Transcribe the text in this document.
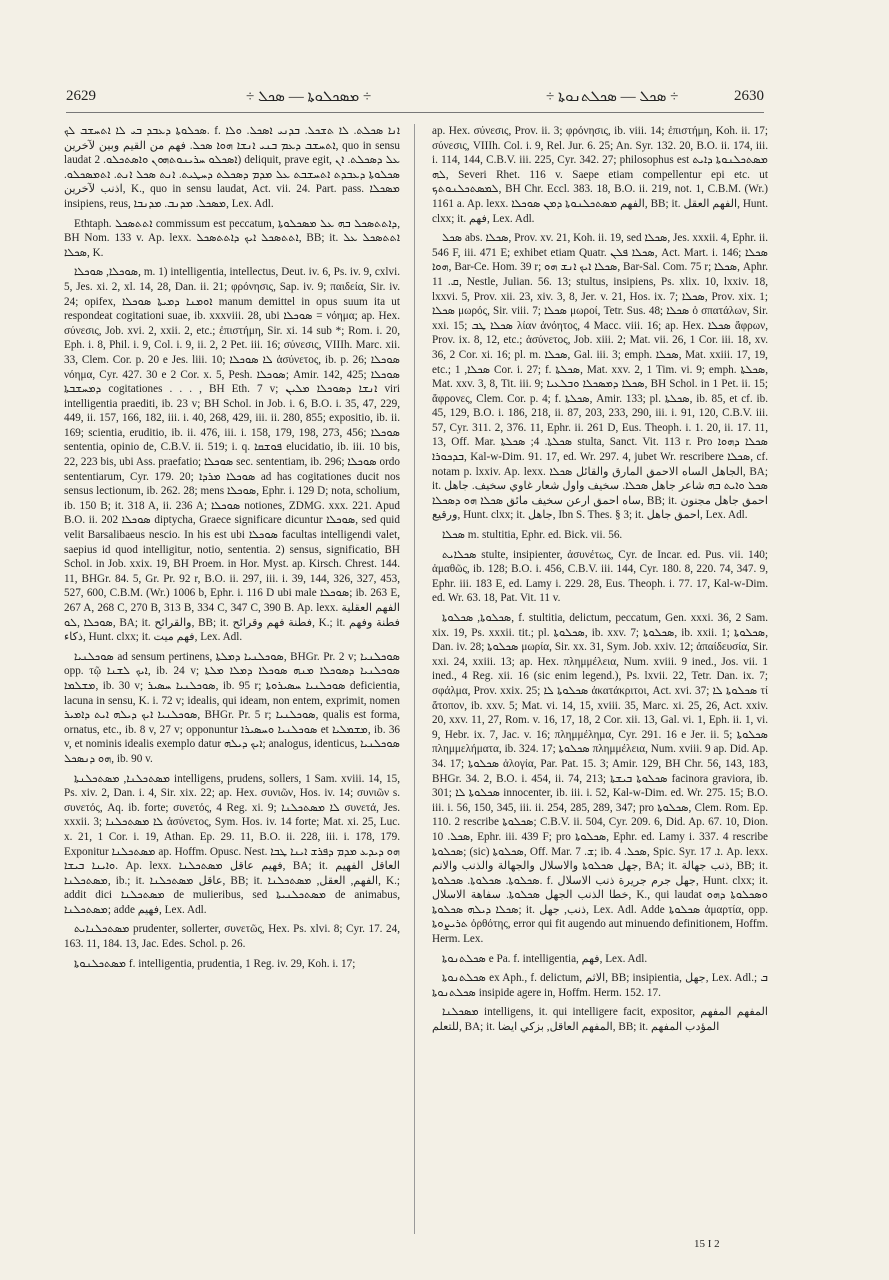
2629	÷ ܡܣܟܠܘܬܐ — ܣܟܠ ÷	÷ ܣܟܠ — ܣܟܠܬܢܘܬܐ ÷	2630

ܣܟܠܘܬܐ ܕܥܒܕ ܒܝ ܠܐ ܐܬܚܫܒ ܠܟ. f. ܐܢܐ ܣܟܠܬ. ܠܐ ܬܫܟܠ. ܒܕܢܝ ܐܣܟܠ. ܘܠܐ ܐܬܚܫܒ ܕܥܡ ܒܢܝ ܐܢܫܐ ܗܘܐ ܣܟܠ. فهم من القيم وبين لآخرين, quo in sensu laudat ܐܣܟܠܘ ܚܪܝܢܘܬܗܘܢ ܘܐܣܬܟܠܘ. 2) deliquit, prave egit, ܥܠ ܕܣܟܠܬ. ܐܢ ܣܟܠܘܬܐ ܕܥܒܕܬ ܐܬܚܫܒܬ ܥܠ ܡܕܡ ܕܣܟܠܬ ܕܚܛܝܬ. ܐܢܬ ܣܟܠ ܐܢܬ. ܐܬܡܣܟܠܘ. اذنب لآخرين, K., quo in sensu laudat, Act. vii. 24. Part. pass. ܡܣܟܠܐ insipiens, reus, ܡܣܟܠ. ܡܕܢܒ. ܡܕܢܒܐ, Lex. Adl.

Ethtaph. ܐܬܬܣܟܠ commissum est peccatum, ܕܐܬܬܣܟܠ ܒܗ ܥܠ ܡܣܟܠܘܬܐ, BH Nom. 133 v. Ap. lexx. ܐܬܬܣܟܠ ܐܝܟ ܕܐܬܬܣܟܠ, BB; it. ܐܬܬܣܟܠ ܥܠ ܣܟܠܐ, K.

ܣܘܟܠܐ, ܣܘܟܠܐ, m. 1) intelligentia, intellectus, Deut. iv. 6, Ps. iv. 9, cxlvi. 5, Jes. xi. 2, xl. 14, 28, Dan. ii. 21; φρόνησις, Sap. iv. 9; παιδεία, Sir. iv. 24; opifex, ܐܘܡܢܐ ܕܡܝܬܐ ܣܘܟܠܐ manum demittel in opus suum ita ut respondeat cogitationi suae, ib. xxxviii. 28, ubi ܣܘܟܠܐ = νόημα; ap. Hex. σύνεσις, Job. xvi. 2, xxii. 2, etc.; ἐπιστήμη, Sir. xi. 14 sub *; Rom. i. 20, Eph. i. 8, Phil. i. 9, Col. i. 9, ii. 2, 2 Pet. iii. 16; σύνεσις, VIIIh. Marc. xii. 33, Clem. Cor. p. 20 e Jes. liii. 10; ܠܐ ܣܘܟܠܐ ἀσύνετος, ib. p. 26; ܣܘܟܠܐ νόημα, Cyr. 427. 30 e 2 Cor. x. 5, Pesh. ܣܘܟܠܐ; Amir. 142, 425; ܣܘܟܠܐ ܕܡܚܫܒܬܐ cogitationes . . . , BH Eth. 7 v; ܐܢܫܐ ܕܣܘܟܠܐ ܡܠܝܢ viri intelligentia praediti, ib. 23 v; BH Schol. in Job. i. 6, B.O. i. 35, 47, 229, 449, ii. 157, 166, 182, iii. i. 40, 268, 429, iii. ii. 280, 855; expositio, ib. ii. 169; scientia, eruditio, ib. ii. 476, iii. i. 158, 179, 198, 273, 456; ܣܘܟܠܐ sententia, opinio de, C.B.V. ii. 519; i. q. ܦܘܫܩܐ elucidatio, ib. iii. 10 bis, 22, 223 bis, ubi Ass. praefatio; ܣܘܟܠܐ sec. sententiam, ib. 296; ܣܘܟܠܐ ordo sententiarum, Cyr. 179. 20; ܣܘܟܠܐ ܡܪܕܐ ad has cogitationes ducit nos sensus lectionum, ib. 262. 28; mens ܣܘܟܠܐ, Ephr. i. 129 D; nota, scholium, ib. 150 B; it. 318 A, ii. 236 A; ܣܘܟܠܐ notiones, ZDMG. xxx. 221. Apud B.O. ii. 202 ܣܘܟܠܐ diptycha, Graece significare dicuntur ܣܘܟܠܐ, sed quid velit Barsalibaeus nescio. In his est ubi ܣܘܟܠܐ facultas intelligendi valet, saepius id quod intelligitur, notio, sententia. 2) sensus, significatio, BH Schol. in Job. xxix. 19, BH Proem. in Hor. Myst. ap. Kirsch. Chrest. 144. 11, BHGr. 84. 5, Gr. Pr. 92 r, B.O. ii. 297, iii. i. 39, 144, 326, 327, 453, 527, 600, C.B.M. (Wr.) 1006 b, Ephr. i. 116 D ubi male ܣܘܟܠܐ; ib. 263 E, 267 A, 268 C, 270 B, 313 B, 334 C, 347 C, 390 B. Ap. lexx. الفهم العقلية ܣܘܟܠܐ ,ܠܘ, BA; it. والقرائح, BB; it. فطنة فهم وقرائح, K.; it. فطنة وفهم ذكاء, Hunt. clxx; it. فهم ميت, Lex. Adl.

ܣܘܟܠܢܝܐ ad sensum pertinens, ܣܘܟܠܢܝܐ ܕܡܠܬܐ, BHGr. Pr. 2 v; ܣܘܟܠܢܝܐ opp. τῷ ܐܝܟ ܠܫܢܐ, ib. 24 v; ܣܘܟܠܢܝܐ ܕܣܘܟܠܐ ܡܢܗ ܣܘܟܠܐ ܕܡܠܐ ܡܠܬܐ ܡܫܠܡܐ, ib. 30 v; ܣܘܟܠܢܝܐ ܚܣܝܪ, ib. 95 r; ܣܘܟܠܢܝܐ ܚܣܝܪܘܬܐ deficientia, lacuna in sensu, K. i. 72 v; idealis, qui ideam, non entem, exprimit, nomen ܣܘܟܠܢܝܐ ܐܝܟ ܕܝܠܗ ܐܝܬ ܕܐܡܝܪ, BHGr. Pr. 5 r; ܣܘܟܠܢܝܐ, qualis est forma, ornatus, etc., ib. 8 v, 27 v; opponuntur ܣܘܟܠܢܝܐ ܘܚܣܝܪܐ et ܡܫܡܠܝܐ, ib. 36 v, et nominis idealis exemplo datur ܐܝܟ ܕܝܠܗ; analogus, identicus, ܣܘܟܠܢܝܐ ܗܘ ܕܢܣܟܠ, ib. 90 v.

ܡܣܬܟܠܢܐ, ܡܣܬܟܠܢܬܐ intelligens, prudens, sollers, 1 Sam. xviii. 14, 15, Ps. xiv. 2, Dan. i. 4, Sir. xix. 22; ap. Hex. συνιῶν, Hos. iv. 14; συνιῶν s. συνετός, Aq. ib. forte; συνετός, 4 Reg. xi. 9; ܠܐ ܡܣܬܟܠܢܐ συνετά, Jes. xxxii. 3; ܠܐ ܡܣܬܟܠܢܐ ἀσύνετος, Sym. Hos. iv. 14 forte; Mat. xi. 25, Luc. x. 21, 1 Cor. i. 19, Athan. Ep. 29. 11, B.O. ii. 228, iii. i. 178, 179. Exponitur ܡܣܬܟܠܢܐ ap. Hoffm. Opusc. Nest. ܗܘ ܕܝܕܥ ܡܕܡ ܕܦܪܫ ܐܝܢܐ ܛܒܐ ܘܐܝܢܐ ܒܝܫܐ. Ap. lexx. فهيم عاقل ܡܣܬܟܠܢܐ, BA; it. العاقل الفهيم ܡܣܬܟܠܢܐ, ib.; it. عاقل ܡܣܬܟܠܢܐ, BB; it. الفهم, العقل, ܡܣܬܟܠܢܐ, K.; addit dici ܡܣܬܟܠܢܐ de mulieribus, sed ܡܣܬܟܠܢܝܬܐ de animabus, ܡܣܬܟܠܢܐ; adde فهيم, Lex. Adl.

ܡܣܬܟܠܢܐܝܬ prudenter, sollerter, συνετῶς, Hex. Ps. xlvi. 8; Cyr. 17. 24, 163. 11, 184. 13, Jac. Edes. Schol. p. 26.

ܡܣܬܟܠܢܘܬܐ f. intelligentia, prudentia, 1 Reg. iv. 29, Koh. i. 17;

ap. Hex. σύνεσις, Prov. ii. 3; φρόνησις, ib. viii. 14; ἐπιστήμη, Koh. ii. 17; σύνεσις, VIIIh. Col. i. 9, Rel. Jur. 6. 25; An. Syr. 132. 20, B.O. ii. 174, iii. i. 114, 144, C.B.V. iii. 225, Cyr. 342. 27; philosophus est ܡܣܬܟܠܢܘܬܐ ܕܐܝܬ ܠܗ, Severi Rhet. 116 v. Saepe etiam compellentur epi etc. ut ܠܡܣܬܟܠܢܘܬܟ, BH Chr. Eccl. 383. 18, B.O. ii. 219, not. 1, C.B.M. (Wr.) 1161 a. Ap. lexx. الفهم ܡܣܬܟܠܢܘܬܐ ܕܡܢ ܣܘܟܠܐ, BB; it. الفهم العقل, Hunt. clxx; it. فهم, Lex. Adl.

ܣܟܠ abs. ܣܟܠܐ, Prov. xv. 21, Koh. ii. 19, sed ܣܟܠܐ, Jes. xxxii. 4, Ephr. ii. 546 F, iii. 471 E; exhibet etiam Quatr. ܣܟܠܐ ܦܠܢ, Act. Mart. i. 146; ܣܟܠܐ ܗܘܐ, Bar-Ce. Hom. 39 r; ܣܟܠܐ ܐܝܟ ܐܢܫ ܗܘ, Bar-Sal. Com. 75 r; ܣܟܠܐ, Aphr. ܩ. 11, Nestle, Julian. 56. 13; stultus, insipiens, Ps. xlix. 10, lxxiv. 18, lxxvi. 5, Prov. xii. 23, xiv. 3, 8, Jer. v. 21, Hos. ix. 7; ܣܟܠܐ, Prov. xix. 1; ܣܟܠܐ μωρός, Sir. viii. 7; ܣܟܠܐ μωροί, Tetr. Sus. 48; ܣܟܠܐ ὁ σπατάλων, Sir. xxi. 15; ܣܟܠܐ ܛܒ λίαν ἀνόητος, 4 Macc. viii. 16; ap. Hex. ܣܟܠܐ ἄφρων, Prov. ix. 8, 12, etc.; ἀσύνετος, Job. xiii. 2; Mat. vii. 26, 1 Cor. iii. 18, xv. 36, 2 Cor. xi. 16; pl. m. ܣܟܠܐ, Gal. iii. 3; emph. ܣܟܠܐ, Mat. xxiii. 17, 19, etc.; ܣܟܠܐ, 1 Cor. i. 27; f. ܣܟܠܬܐ, Mat. xxv. 2, 1 Tim. vi. 9; emph. ܣܟܠܬܐ, Mat. xxv. 3, 8, Tit. iii. 9; ܣܟܠܐ ܕܡܣܟܠܐ ܘܒܠܥܝܐ, BH Schol. in 1 Pet. ii. 15; ἄφρονες, Clem. Cor. p. 4; f. ܣܟܠܬܐ, Amir. 133; pl. ܣܟܠܬܐ, ib. 85, et cf. ib. 45, 129, B.O. i. 186, 218, ii. 87, 203, 233, 290, iii. i. 91, 120, C.B.V. iii. 57, Cyr. 311. 2, 376. 11, Ephr. ii. 261 D, Eus. Theoph. i. 1. 20, ii. 17. 11, 13, Off. Mar. ܣܟܠܬܐ. 4; ܣܟܠܬܐ stulta, Sanct. Vit. 113 r. Pro ܣܟܠܐ ܕܗܘܐ ܒܕܟܘܪܐ, Kal-w-Dim. 91. 17, ed. Wr. 297. 4, jubet Wr. rescribere ܣܟܠܐ, cf. notam p. lxxiv. Ap. lexx. الجاهل الساه الاحمق المارق والقائل ܣܟܠܐ, BA; it. ܣܟܠ ܘܐܝܬ ܒܗ شاعر جاهل ܣܟܠܐ. سخيف واول شعار غاوي سخيف. جاهل ساه احمق ارعن سخيف مائق ܣܟܠܐ ܗܘ ܕܣܟܠܐ, BB; it. احمق جاهل مجنون ورقيع, Hunt. clxx; it. جاهل, Ibn S. Thes. § 3; it. احمق جاهل, Lex. Adl.

ܣܟܠܐ m. stultitia, Ephr. ed. Bick. vii. 56.

ܣܟܠܐܝܬ stulte, insipienter, ἀσυνέτως, Cyr. de Incar. ed. Pus. vii. 140; ἀμαθῶς, ib. 128; B.O. i. 456, C.B.V. iii. 144, Cyr. 180. 8, 220. 74, 347. 9, Ephr. iii. 183 E, ed. Lamy i. 229. 28, Eus. Theoph. i. 77. 17, Kal-w-Dim. ed. Wr. 63. 18, Pat. Vit. 11 v.

ܣܟܠܘܬܐ, ܣܟܠܘܬܐ, f. stultitia, delictum, peccatum, Gen. xxxi. 36, 2 Sam. xix. 19, Ps. xxxii. tit.; pl. ܣܟܠܘܬܐ, ib. xxv. 7; ܣܟܠܘܬܐ, ib. xxii. 1; ܣܟܠܘܬܐ, Dan. iv. 28; ܣܟܠܘܬܐ μωρία, Sir. xx. 31, Sym. Job. xxiv. 12; ἀπαίδευσία, Sir. xxi. 24, xxiii. 13; ap. Hex. πλημμέλεια, Num. xviii. 9 ined., Jos. vii. 1 ined., 4 Reg. xii. 16 (sic enim legend.), Ps. lxvii. 22, Tetr. Dan. ix. 7; σφάλμα, Prov. xxix. 25; ܣܟܠܘܬܐ ܠܐ ἀκατάκριτοι, Act. xvi. 37; ܣܟܠܘܬܐ ܠܐ τί ἄτοπον, ib. xxv. 5; Mat. vi. 14, 15, xviii. 35, Marc. xi. 25, 26, Act. xxiv. 20, xxv. 11, 27, Rom. v. 16, 17, 18, 2 Cor. xii. 13, Gal. vi. 1, Eph. ii. 1, vi. 9, Hebr. ix. 7, Jac. v. 16; πλημμέλημα, Cyr. 291. 16 e Jer. ii. 5; ܣܟܠܘܬܐ πλημμελήματα, ib. 324. 17; ܣܟܠܘܬܐ πλημμέλεια, Num. xviii. 9 ap. Did. Ap. 34. 17; ܣܟܠܘܬܐ ἀλογία, Par. Pat. 15. 3; Amir. 129, BH Chr. 56, 143, 183, BHGr. 34. 2, B.O. i. 454, ii. 74, 213; ܣܟܠܘܬܐ ܒܝܫܬܐ facinora graviora, ib. 301; ܣܟܠܘܬܐ ܠܐ innocenter, ib. iii. i. 52, Kal-w-Dim. ed. Wr. 275. 15; B.O. iii. i. 56, 150, 345, iii. ii. 254, 285, 289, 347; pro ܣܟܠܘܬܐ, Clem. Rom. Ep. 110. 2 rescribe ܣܟܠܘܬܐ; C.B.V. ii. 504, Cyr. 209. 6, Did. Ap. 67. 10, Dion. ܣܟܠ. 10, Ephr. iii. 439 F; pro ܣܟܠܘܬܐ, Ephr. ed. Lamy i. 337. 4 rescribe ܣܟܠܘܬܐ; (sic) ܣܟܠܘܬܐ, Off. Mar. ܫ. 7; ib. ܣܟܠ. 4, Spic. Syr. ܐ. 17. Ap. lexx. جهل ܣܟܠܘܬܐ والاسلال والجهالة والذنب والانم, BA; it. ذنب جهالة, BB; it. ܣܟܠܘܬܐ. ܣܟܠܘܬܐ. ܣܟܠܘܬܐ. f. جهل جرم جريرة ذنب الاسلال, Hunt. clxx; it. خطا الذنب الجهل ܣܟܠܘܬܐ. سفاهة الاسلال, K., qui laudat ܘܣܟܠܘܬܐ ܕܗܘ ܣܟܠܐ ܕܝܠܗ ܣܟܠܘܬܐ; it. ذنب, جهل, Lex. Adl. Adde ܣܟܠܘܬܐ ἁμαρτία, opp. ܬܪܝܨܘܬܐ ὀρθότης, error qui fit augendo aut minuendo definitionem, Hoffm. Herm. Lex.

ܣܟܠܬܢܘܬܐ e Pa. f. intelligentia, فهم, Lex. Adl.

ܣܟܠܬܢܘܬܐ ex Aph., f. delictum, الاثم, BB; insipientia, جهل, Lex. Adl.; ܒ ܣܟܠܬܢܘܬܐ insipide agere in, Hoffm. Herm. 152. 17.

ܡܣܟܠܢܐ intelligens, it. qui intelligere facit, expositor, المفهم المفهم للتعلم, BA; it. المفهم العاقل, بزكي ايضا, BB; it. المؤدب المفهم

15 I 2
